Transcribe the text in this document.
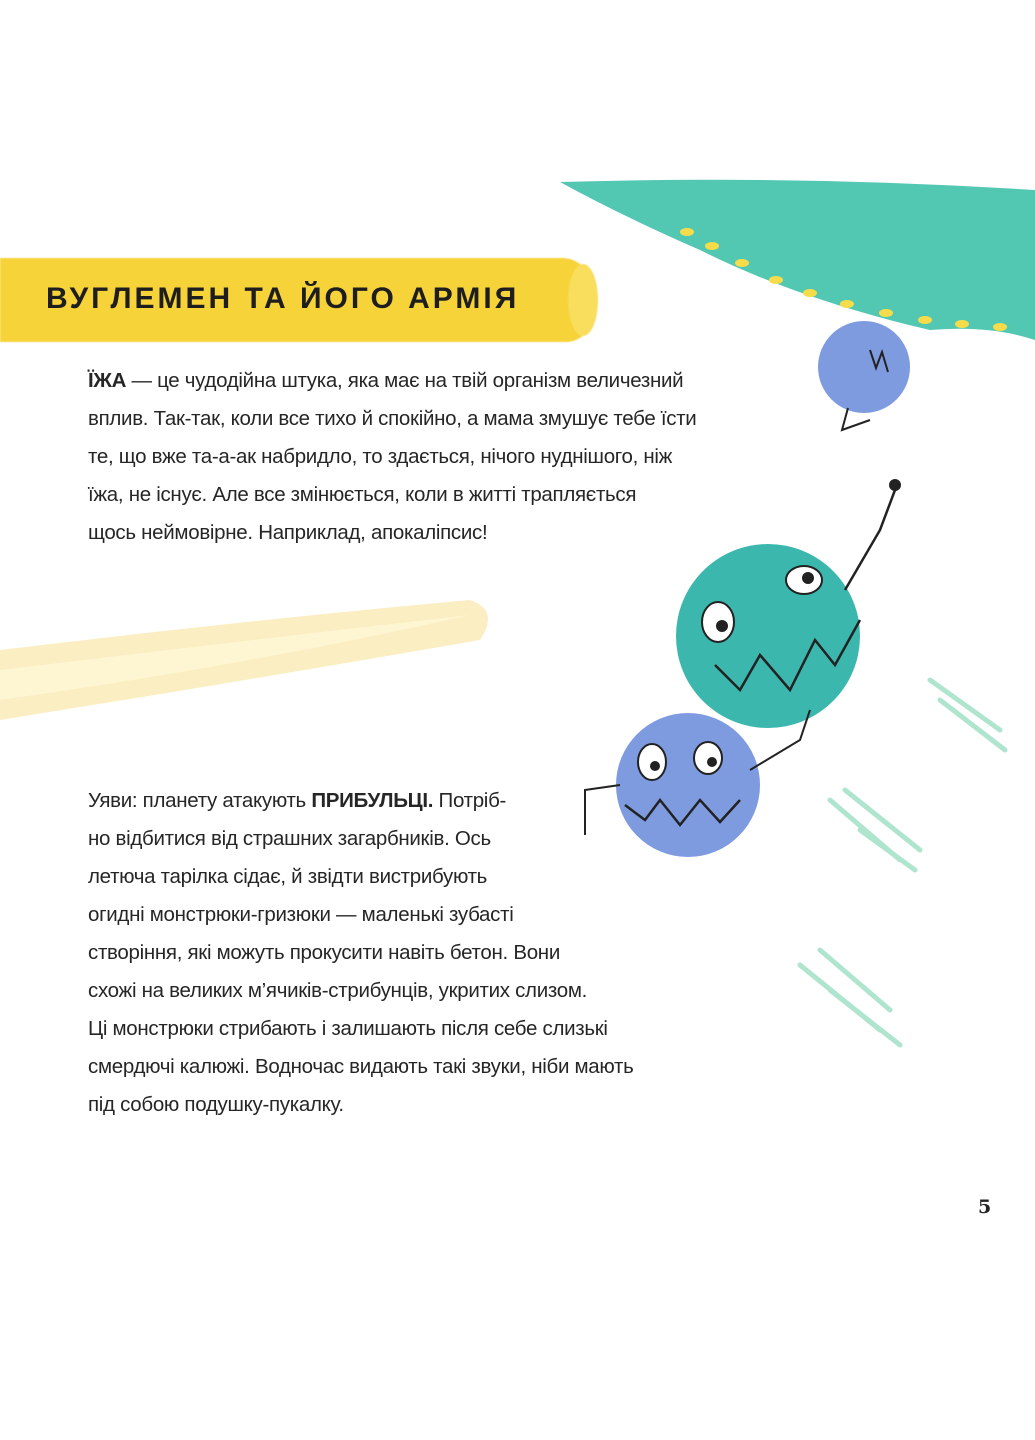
ВУГЛЕМЕН ТА ЙОГО АРМІЯ
ЇЖА — це чудодійна штука, яка має на твій організм величезний
вплив. Так-так, коли все тихо й спокійно, а мама змушує тебе їсти
те, що вже та-а-ак набридло, то здається, нічого нуднішого, ніж
їжа, не існує. Але все змінюється, коли в житті трапляється
щось неймовірне. Наприклад, апокаліпсис!
Уяви: планету атакують ПРИБУЛЬЦІ. Потріб-
но відбитися від страшних загарбників. Ось
летюча тарілка сідає, й звідти вистрибують
огидні монстрюки-гризюки — маленькі зубасті
створіння, які можуть прокусити навіть бетон. Вони
схожі на великих м’ячиків-стрибунців, укритих слизом.
Ці монстрюки стрибають і залишають після себе слизькі
смердючі калюжі. Водночас видають такі звуки, ніби мають
під собою подушку-пукалку.
5
